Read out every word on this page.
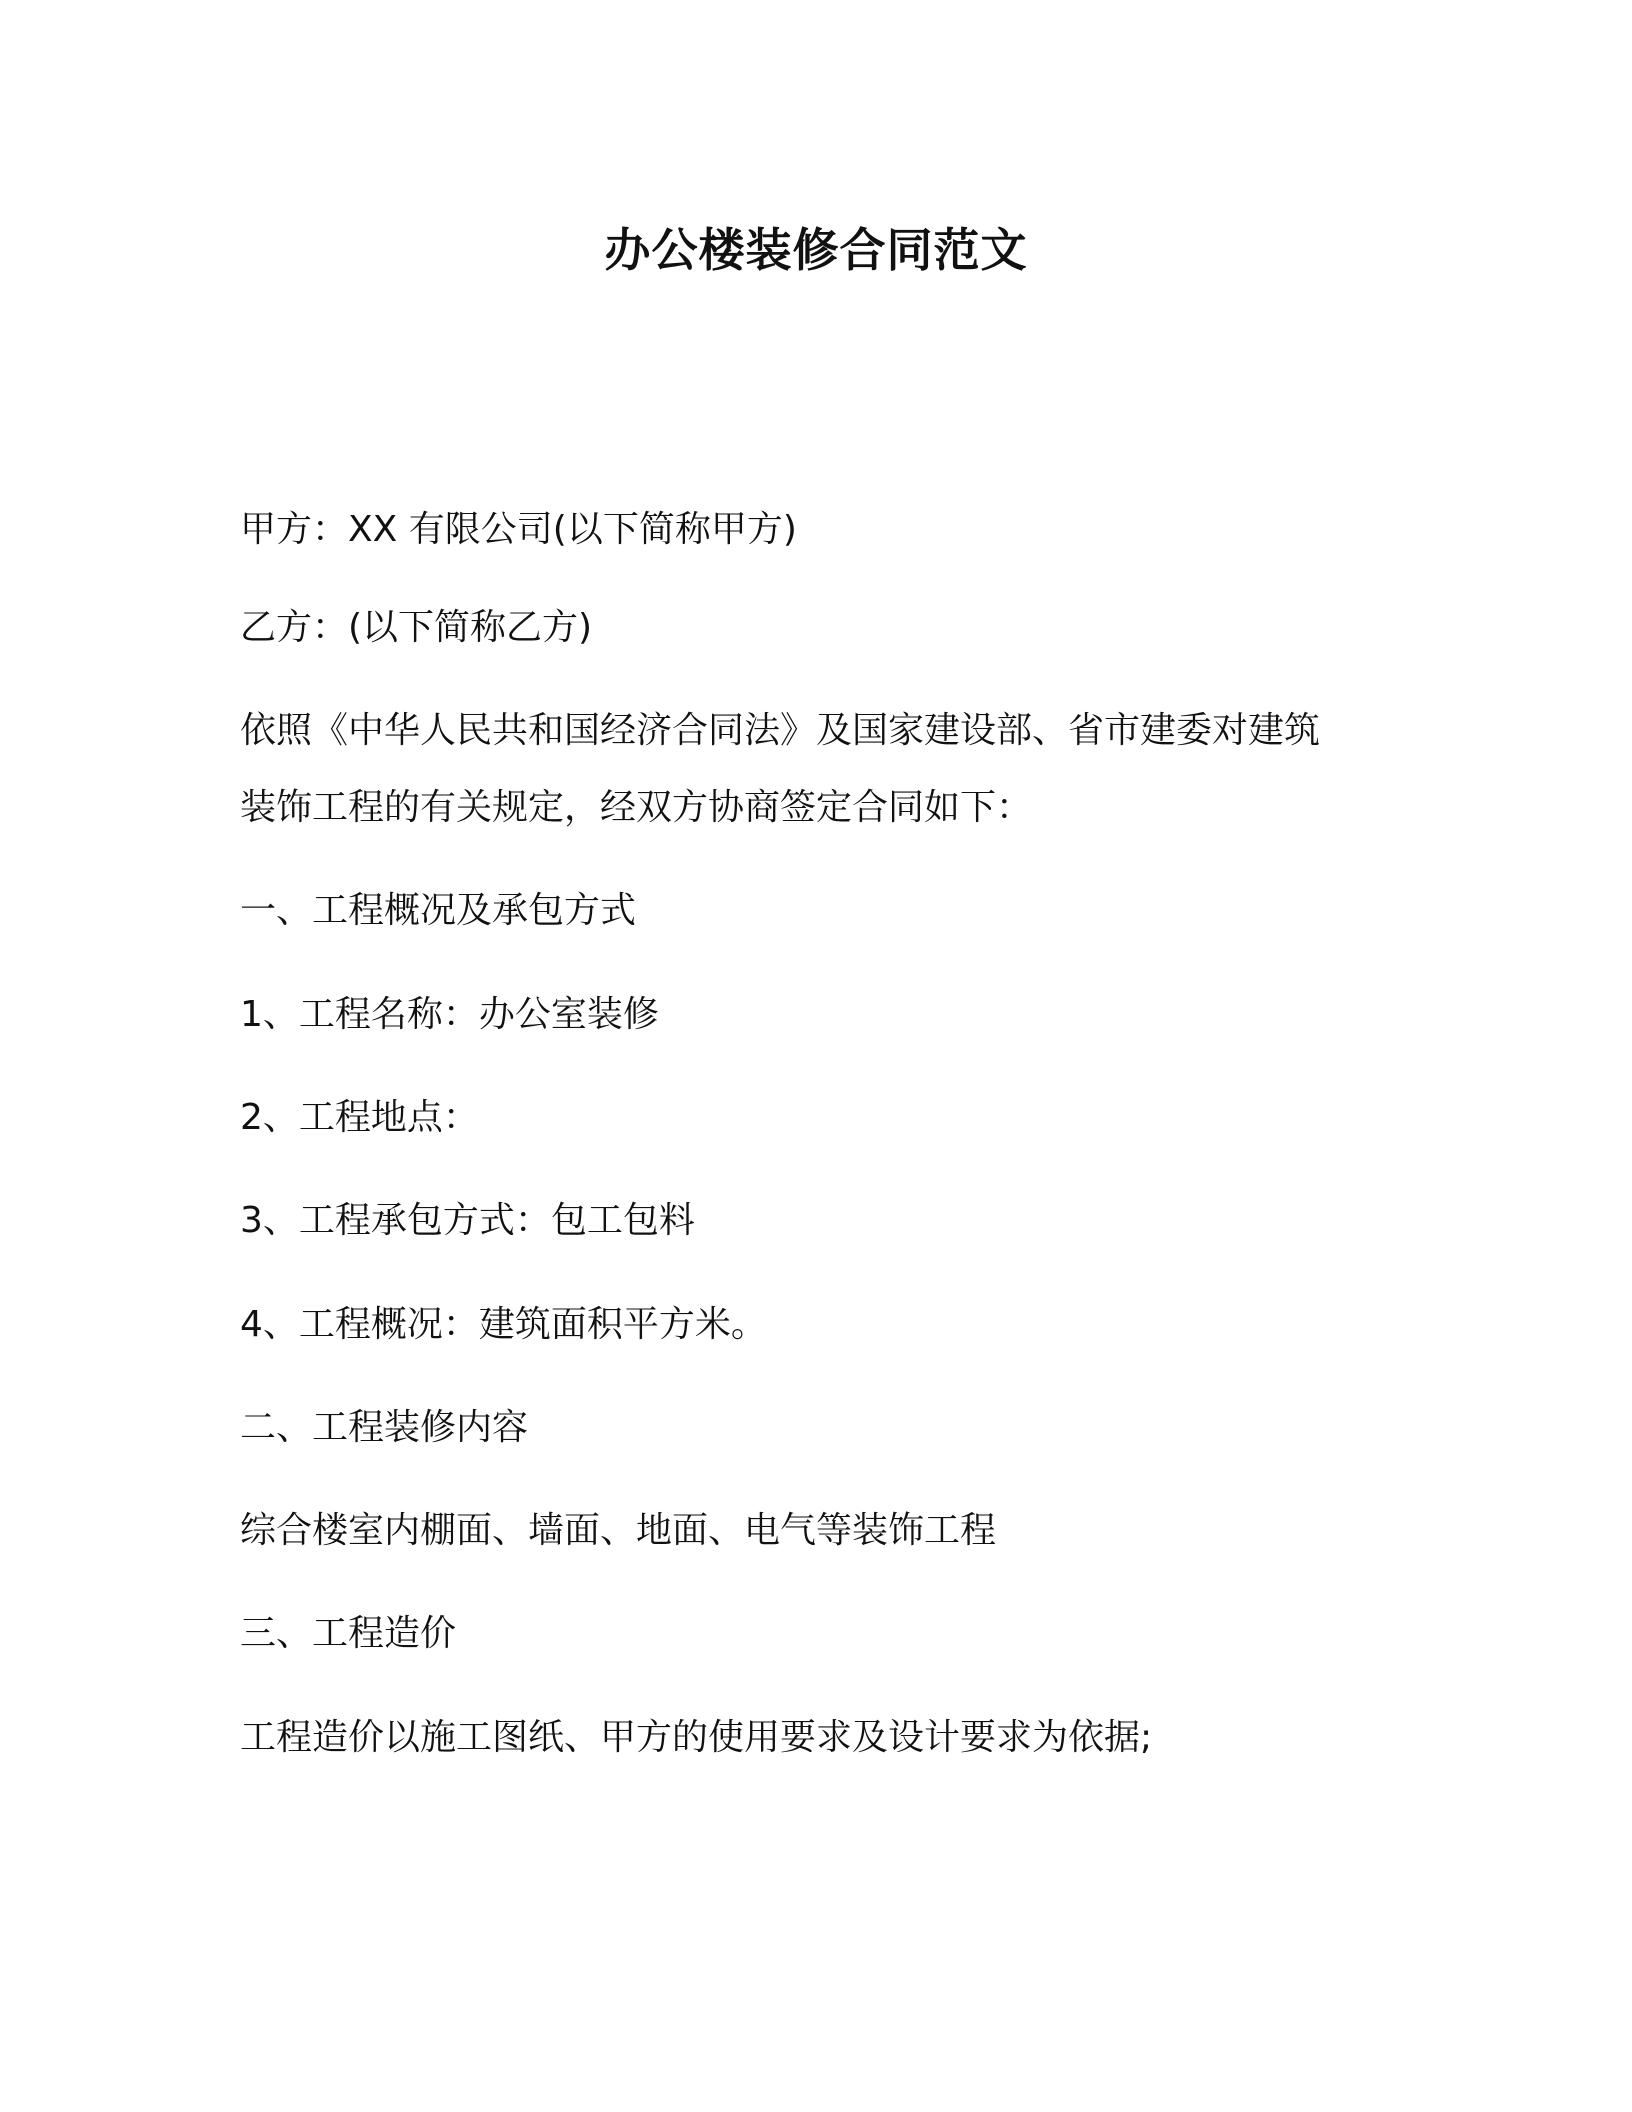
办公楼装修合同范文
甲方：XX 有限公司(以下简称甲方)
乙方：(以下简称乙方)
依照《中华人民共和国经济合同法》及国家建设部、省市建委对建筑
装饰工程的有关规定，经双方协商签定合同如下：
一、工程概况及承包方式
1、工程名称：办公室装修
2、工程地点：
3、工程承包方式：包工包料
4、工程概况：建筑面积平方米。
二、工程装修内容
综合楼室内棚面、墙面、地面、电气等装饰工程
三、工程造价
工程造价以施工图纸、甲方的使用要求及设计要求为依据;
